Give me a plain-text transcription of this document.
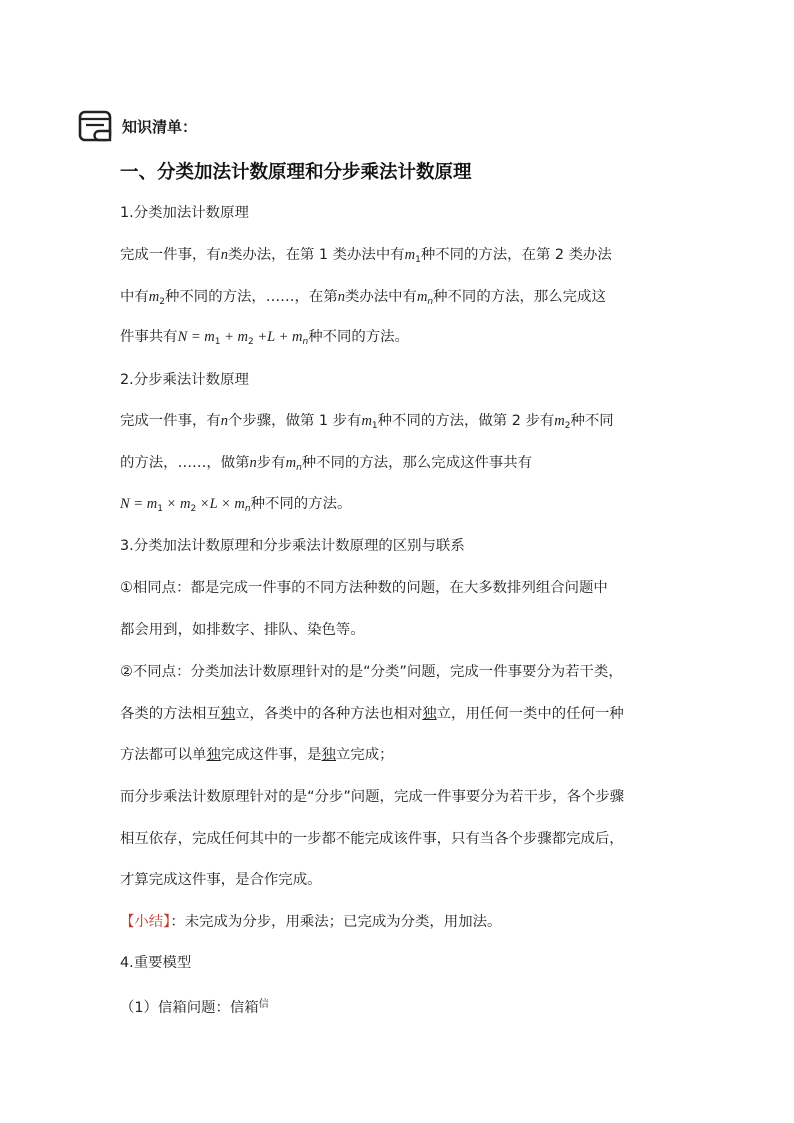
知识清单：
一、分类加法计数原理和分步乘法计数原理
1.分类加法计数原理
完成一件事，有n类办法，在第 1 类办法中有$m_1$种不同的方法，在第 2 类办法
中有$m_2$种不同的方法，……，在第n类办法中有$m_n$种不同的方法，那么完成这
件事共有$N = m_1 + m_2 +L + m_n$种不同的方法。
2.分步乘法计数原理
完成一件事，有n个步骤，做第 1 步有$m_1$种不同的方法，做第 2 步有$m_2$种不同
的方法，……，做第n步有$m_n$种不同的方法，那么完成这件事共有
$N = m_1 \times m_2 \times L \times m_n$种不同的方法。
3.分类加法计数原理和分步乘法计数原理的区别与联系
①相同点：都是完成一件事的不同方法种数的问题，在大多数排列组合问题中
都会用到，如排数字、排队、染色等。
②不同点：分类加法计数原理针对的是“分类”问题，完成一件事要分为若干类，
各类的方法相互独立，各类中的各种方法也相对独立，用任何一类中的任何一种
方法都可以单独完成这件事，是独立完成；
而分步乘法计数原理针对的是“分步”问题，完成一件事要分为若干步，各个步骤
相互依存，完成任何其中的一步都不能完成该件事，只有当各个步骤都完成后，
才算完成这件事，是合作完成。
【小结】：未完成为分步，用乘法；已完成为分类，用加法。
4.重要模型
（1）信箱问题：信箱$^信$
